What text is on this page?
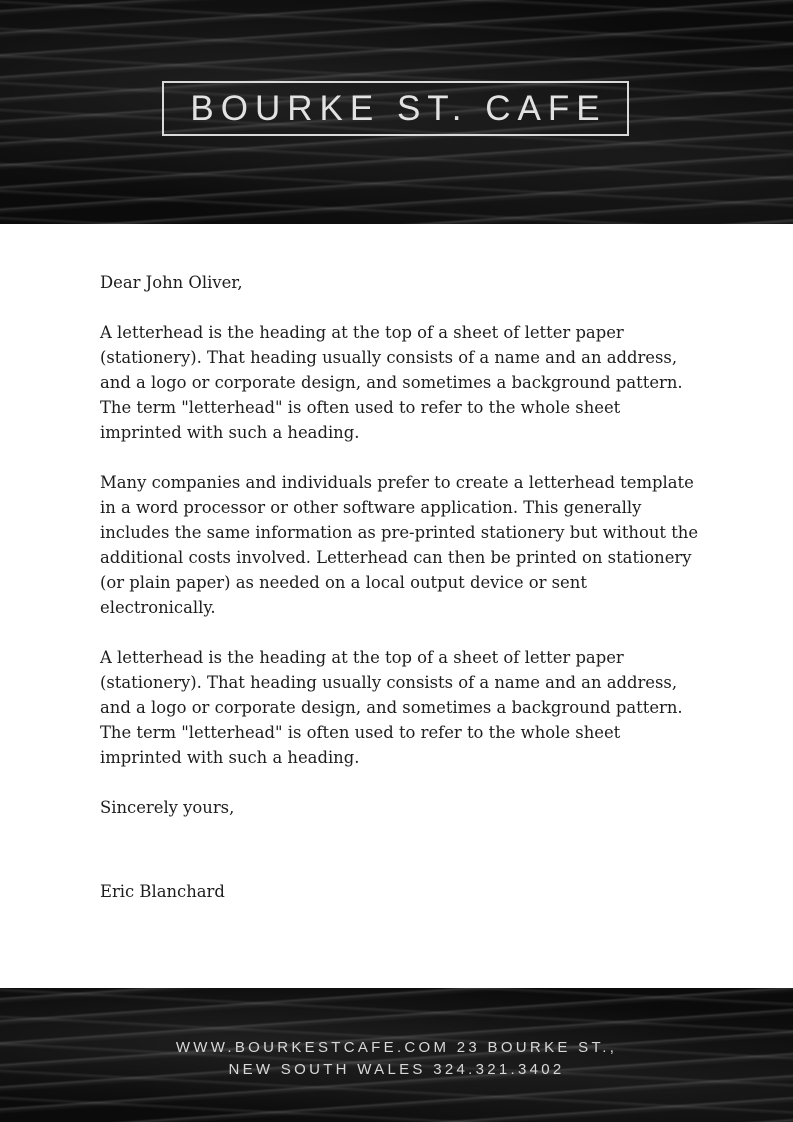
BOURKE ST. CAFE

Dear John Oliver,

A letterhead is the heading at the top of a sheet of letter paper (stationery). That heading usually consists of a name and an address, and a logo or corporate design, and sometimes a background pattern. The term "letterhead" is often used to refer to the whole sheet imprinted with such a heading.

Many companies and individuals prefer to create a letterhead template in a word processor or other software application. This generally includes the same information as pre-printed stationery but without the additional costs involved. Letterhead can then be printed on stationery (or plain paper) as needed on a local output device or sent electronically.

A letterhead is the heading at the top of a sheet of letter paper (stationery). That heading usually consists of a name and an address, and a logo or corporate design, and sometimes a background pattern. The term "letterhead" is often used to refer to the whole sheet imprinted with such a heading.

Sincerely yours,

Eric Blanchard

WWW.BOURKESTCAFE.COM 23 BOURKE ST.,
NEW SOUTH WALES 324.321.3402
